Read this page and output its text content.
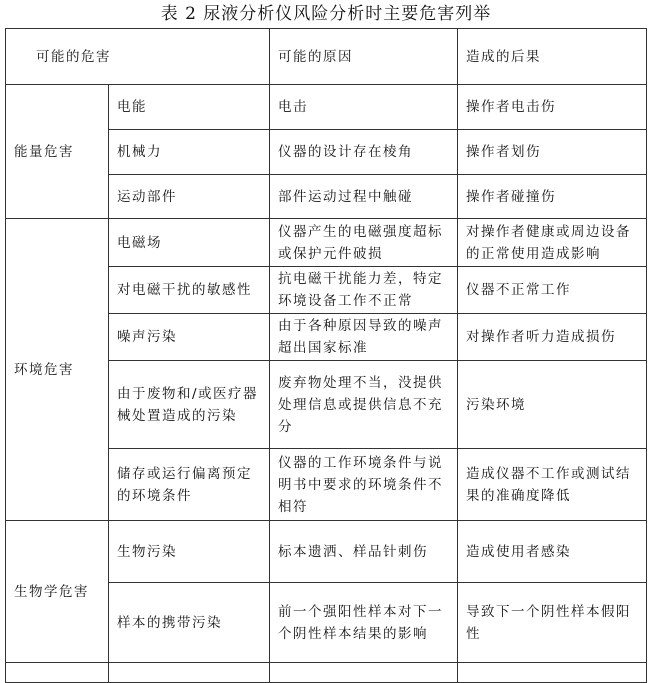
表 2 尿液分析仪风险分析时主要危害列举
可能的危害		可能的原因	造成的后果
能量危害	电能	电击	操作者电击伤
	机械力	仪器的设计存在棱角	操作者划伤
	运动部件	部件运动过程中触碰	操作者碰撞伤
环境危害	电磁场	仪器产生的电磁强度超标或保护元件破损	对操作者健康或周边设备的正常使用造成影响
	对电磁干扰的敏感性	抗电磁干扰能力差，特定环境设备工作不正常	仪器不正常工作
	噪声污染	由于各种原因导致的噪声超出国家标准	对操作者听力造成损伤
	由于废物和/或医疗器械处置造成的污染	废弃物处理不当，没提供处理信息或提供信息不充分	污染环境
	储存或运行偏离预定的环境条件	仪器的工作环境条件与说明书中要求的环境条件不相符	造成仪器不工作或测试结果的准确度降低
生物学危害	生物污染	标本遗洒、样品针刺伤	造成使用者感染
	样本的携带污染	前一个强阳性样本对下一个阴性样本结果的影响	导致下一个阴性样本假阳性
